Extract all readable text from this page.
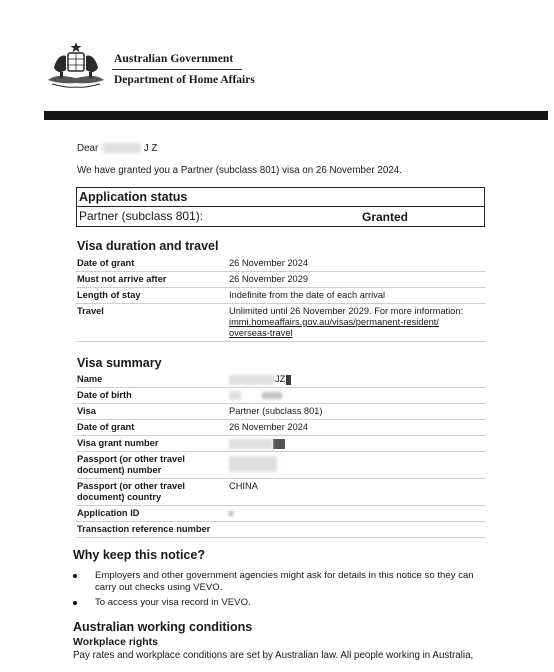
Australian Government
Department of Home Affairs
Dear	J Z
We have granted you a Partner (subclass 801) visa on 26 November 2024.
Application status
Partner (subclass 801):	Granted
Visa duration and travel
Date of grant	26 November 2024
Must not arrive after	26 November 2029
Length of stay	Indefinite from the date of each arrival
Travel	Unlimited until 26 November 2029. For more information:
immi.homeaffairs.gov.au/visas/permanent-resident/
overseas-travel
Visa summary
Name	JZ
Date of birth	
Visa	Partner (subclass 801)
Date of grant	26 November 2024
Visa grant number	
Passport (or other travel document) number	
Passport (or other travel document) country	CHINA
Application ID	
Transaction reference number	
Why keep this notice?
Employers and other government agencies might ask for details in this notice so they can carry out checks using VEVO.
To access your visa record in VEVO.
Australian working conditions
Workplace rights
Pay rates and workplace conditions are set by Australian law. All people working in Australia,
